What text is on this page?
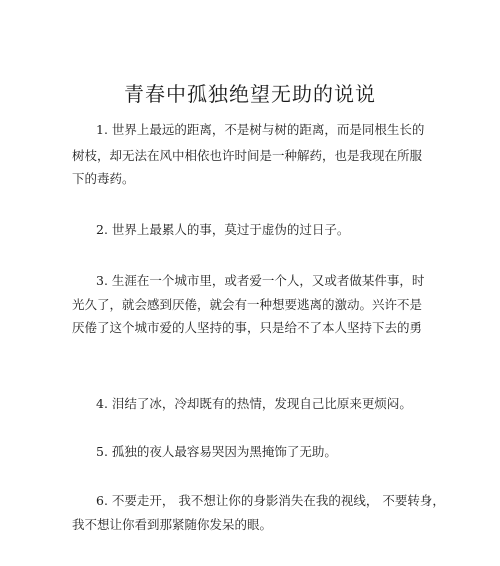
青春中孤独绝望无助的说说
1. 世界上最远的距离，不是树与树的距离，而是同根生长的
树枝，却无法在风中相依也许时间是一种解药，也是我现在所服
下的毒药。
2. 世界上最累人的事，莫过于虚伪的过日子。
3. 生涯在一个城市里，或者爱一个人，又或者做某件事，时
光久了，就会感到厌倦，就会有一种想要逃离的激动。兴许不是
厌倦了这个城市爱的人坚持的事，只是给不了本人坚持下去的勇
4. 泪结了冰，冷却既有的热情，发现自己比原来更烦闷。
5. 孤独的夜人最容易哭因为黑掩饰了无助。
6. 不要走开， 我不想让你的身影消失在我的视线， 不要转身，
我不想让你看到那紧随你发呆的眼。
